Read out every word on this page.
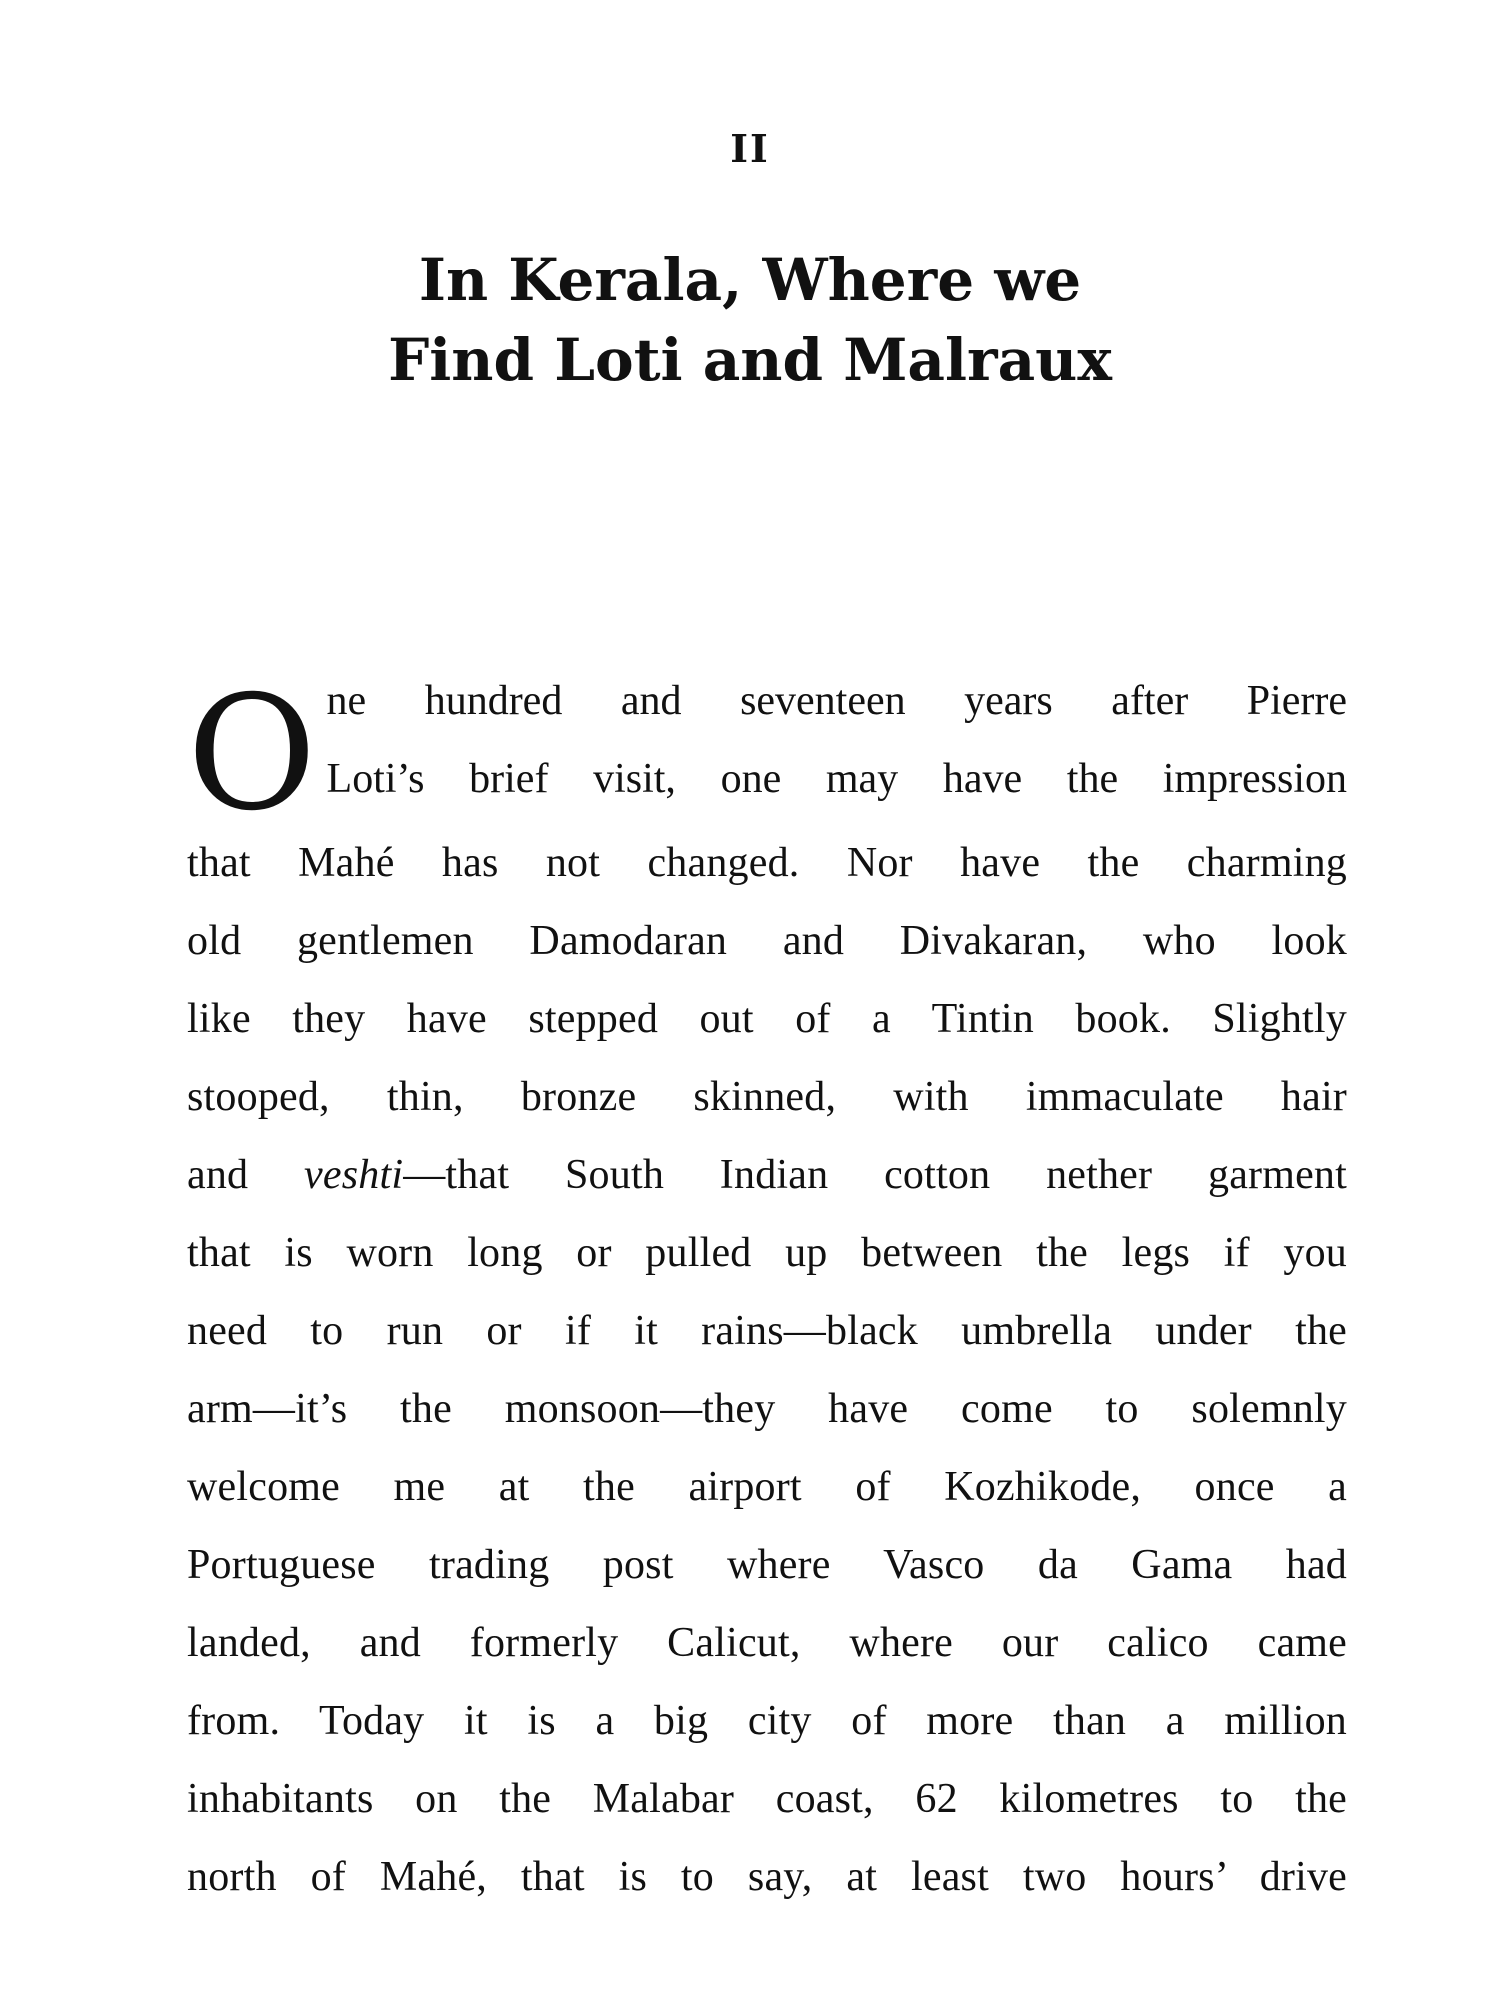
II
In Kerala, Where we
Find Loti and Malraux
O ne hundred and seventeen years after Pierre
Loti’s brief visit, one may have the impression
that Mahé has not changed. Nor have the charming
old gentlemen Damodaran and Divakaran, who look
like they have stepped out of a Tintin book. Slightly
stooped, thin, bronze skinned, with immaculate hair
and veshti—that South Indian cotton nether garment
that is worn long or pulled up between the legs if you
need to run or if it rains—black umbrella under the
arm—it’s the monsoon—they have come to solemnly
welcome me at the airport of Kozhikode, once a
Portuguese trading post where Vasco da Gama had
landed, and formerly Calicut, where our calico came
from. Today it is a big city of more than a million
inhabitants on the Malabar coast, 62 kilometres to the
north of Mahé, that is to say, at least two hours’ drive
